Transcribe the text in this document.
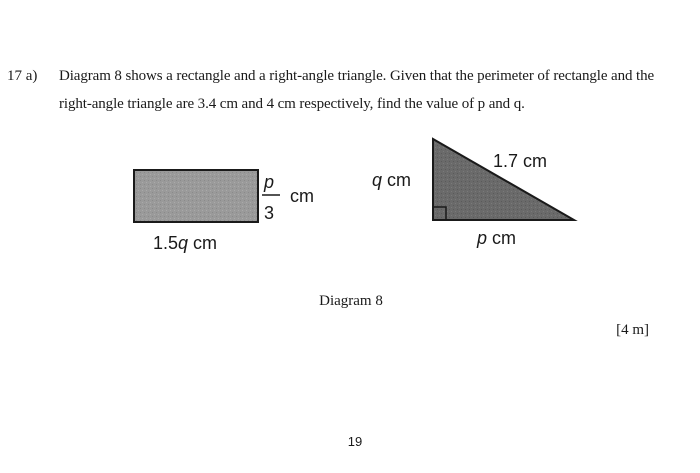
17 a) Diagram 8 shows a rectangle and a right-angle triangle. Given that the perimeter of rectangle and the
right-angle triangle are 3.4 cm and 4 cm respectively, find the value of p and q.
1.5q cm
p
3
cm
1.7 cm
q cm
p cm
Diagram 8
[4 m]
19
